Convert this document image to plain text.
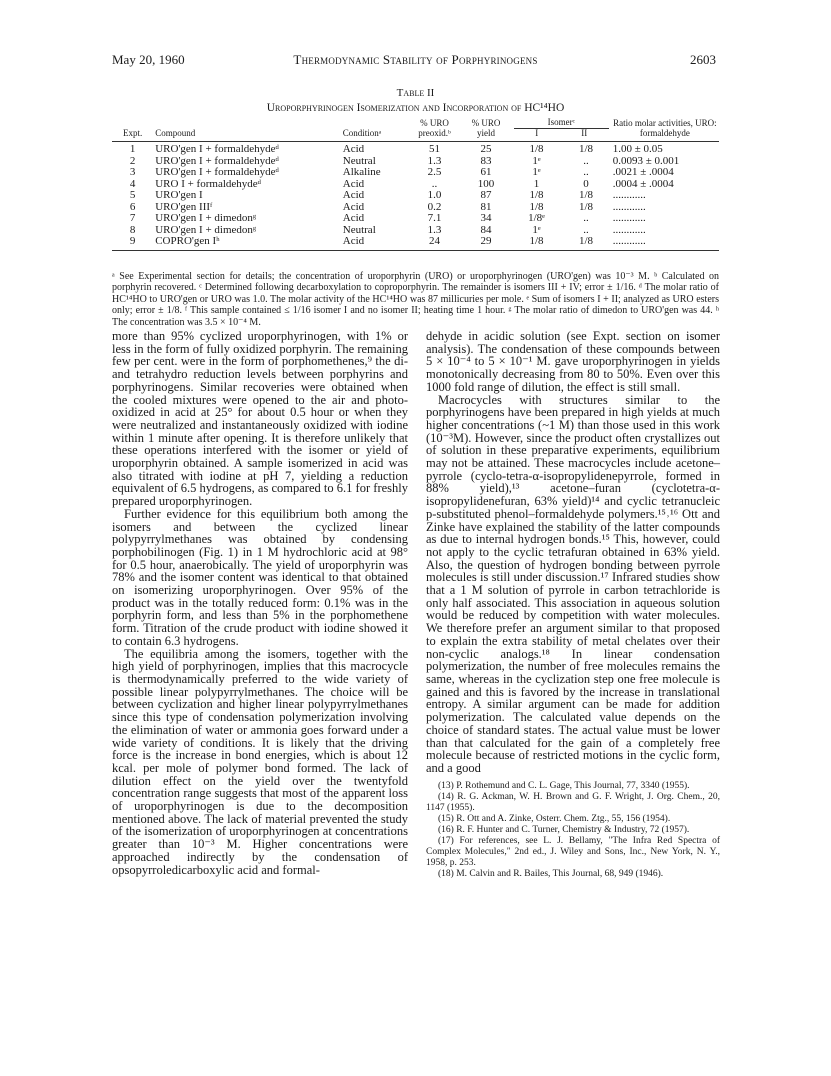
May 20, 1960	Thermodynamic Stability of Porphyrinogens	2603
Table II
Uroporphyrinogen Isomerization and Incorporation of HC¹⁴HO
Expt.	Compound	Conditionᵃ	% URO preoxid.ᵇ	% URO yield	Isomerᶜ
I II		Ratio molar activities, URO: formaldehyde
1	URO'gen I + formaldehydeᵈ	Acid	51	25	1/8	1/8	1.00 ± 0.05
2	URO'gen I + formaldehydeᵈ	Neutral	1.3	83	1ᵉ	..	0.0093 ± 0.001
3	URO'gen I + formaldehydeᵈ	Alkaline	2.5	61	1ᵉ	..	.0021 ± .0004
4	URO I + formaldehydeᵈ	Acid	..	100	1	0	.0004 ± .0004
5	URO'gen I	Acid	1.0	87	1/8	1/8	............
6	URO'gen IIIᶠ	Acid	0.2	81	1/8	1/8	............
7	URO'gen I + dimedonᵍ	Acid	7.1	34	1/8ᵉ	..	............
8	URO'gen I + dimedonᵍ	Neutral	1.3	84	1ᵉ	..	............
9	COPRO'gen Iʰ	Acid	24	29	1/8	1/8	............
ᵃ See Experimental section for details; the concentration of uroporphyrin (URO) or uroporphyrinogen (URO'gen) was 10⁻³ M. ᵇ Calculated on porphyrin recovered. ᶜ Determined following decarboxylation to coproporphyrin. The remainder is isomers III + IV; error ± 1/16. ᵈ The molar ratio of HC¹⁴HO to URO'gen or URO was 1.0. The molar activity of the HC¹⁴HO was 87 millicuries per mole. ᵉ Sum of isomers I + II; analyzed as URO esters only; error ± 1/8. ᶠ This sample contained ≤ 1/16 isomer I and no isomer II; heating time 1 hour. ᵍ The molar ratio of dimedon to URO'gen was 44. ʰ The concentration was 3.5 × 10⁻⁴ M.

more than 95% cyclized uroporphyrinogen, with 1% or less in the form of fully oxidized porphyrin. The remaining few per cent. were in the form of porphomethenes,⁹ the di- and tetrahydro reduction levels between porphyrins and porphyrinogens. Similar recoveries were obtained when the cooled mixtures were opened to the air and photo-oxidized in acid at 25° for about 0.5 hour or when they were neutralized and instantaneously oxidized with iodine within 1 minute after opening. It is therefore unlikely that these operations interfered with the isomer or yield of uroporphyrin obtained. A sample isomerized in acid was also titrated with iodine at pH 7, yielding a reduction equivalent of 6.5 hydrogens, as compared to 6.1 for freshly prepared uroporphyrinogen.

Further evidence for this equilibrium both among the isomers and between the cyclized linear polypyrrylmethanes was obtained by condensing porphobilinogen (Fig. 1) in 1 M hydrochloric acid at 98° for 0.5 hour, anaerobically. The yield of uroporphyrin was 78% and the isomer content was identical to that obtained on isomerizing uroporphyrinogen. Over 95% of the product was in the totally reduced form: 0.1% was in the porphyrin form, and less than 5% in the porphomethene form. Titration of the crude product with iodine showed it to contain 6.3 hydrogens.

The equilibria among the isomers, together with the high yield of porphyrinogen, implies that this macrocycle is thermodynamically preferred to the wide variety of possible linear polypyrrylmethanes. The choice will be between cyclization and higher linear polypyrrylmethanes since this type of condensation polymerization involving the elimination of water or ammonia goes forward under a wide variety of conditions. It is likely that the driving force is the increase in bond energies, which is about 12 kcal. per mole of polymer bond formed. The lack of dilution effect on the yield over the twentyfold concentration range suggests that most of the apparent loss of uroporphyrinogen is due to the decomposition mentioned above. The lack of material prevented the study of the isomerization of uroporphyrinogen at concentrations greater than 10⁻³ M. Higher concentrations were approached indirectly by the condensation of opsopyrroledicarboxylic acid and formal-

dehyde in acidic solution (see Expt. section on isomer analysis). The condensation of these compounds between 5 × 10⁻⁴ to 5 × 10⁻¹ M. gave uroporphyrinogen in yields monotonically decreasing from 80 to 50%. Even over this 1000 fold range of dilution, the effect is still small.

Macrocycles with structures similar to the porphyrinogens have been prepared in high yields at much higher concentrations (~1 M) than those used in this work (10⁻³M). However, since the product often crystallizes out of solution in these preparative experiments, equilibrium may not be attained. These macrocycles include acetone–pyrrole (cyclo-tetra-α-isopropylidenepyrrole, formed in 88% yield),¹³ acetone–furan (cyclotetra-α-isopropylidenefuran, 63% yield)¹⁴ and cyclic tetranucleic p-substituted phenol–formaldehyde polymers.¹⁵˒¹⁶ Ott and Zinke have explained the stability of the latter compounds as due to internal hydrogen bonds.¹⁵ This, however, could not apply to the cyclic tetrafuran obtained in 63% yield. Also, the question of hydrogen bonding between pyrrole molecules is still under discussion.¹⁷ Infrared studies show that a 1 M solution of pyrrole in carbon tetrachloride is only half associated. This association in aqueous solution would be reduced by competition with water molecules. We therefore prefer an argument similar to that proposed to explain the extra stability of metal chelates over their non-cyclic analogs.¹⁸ In linear condensation polymerization, the number of free molecules remains the same, whereas in the cyclization step one free molecule is gained and this is favored by the increase in translational entropy. A similar argument can be made for addition polymerization. The calculated value depends on the choice of standard states. The actual value must be lower than that calculated for the gain of a completely free molecule because of restricted motions in the cyclic form, and a good

(13) P. Rothemund and C. L. Gage, This Journal, 77, 3340 (1955).
(14) R. G. Ackman, W. H. Brown and G. F. Wright, J. Org. Chem., 20, 1147 (1955).
(15) R. Ott and A. Zinke, Osterr. Chem. Ztg., 55, 156 (1954).
(16) R. F. Hunter and C. Turner, Chemistry & Industry, 72 (1957).
(17) For references, see L. J. Bellamy, "The Infra Red Spectra of Complex Molecules," 2nd ed., J. Wiley and Sons, Inc., New York, N. Y., 1958, p. 253.
(18) M. Calvin and R. Bailes, This Journal, 68, 949 (1946).
